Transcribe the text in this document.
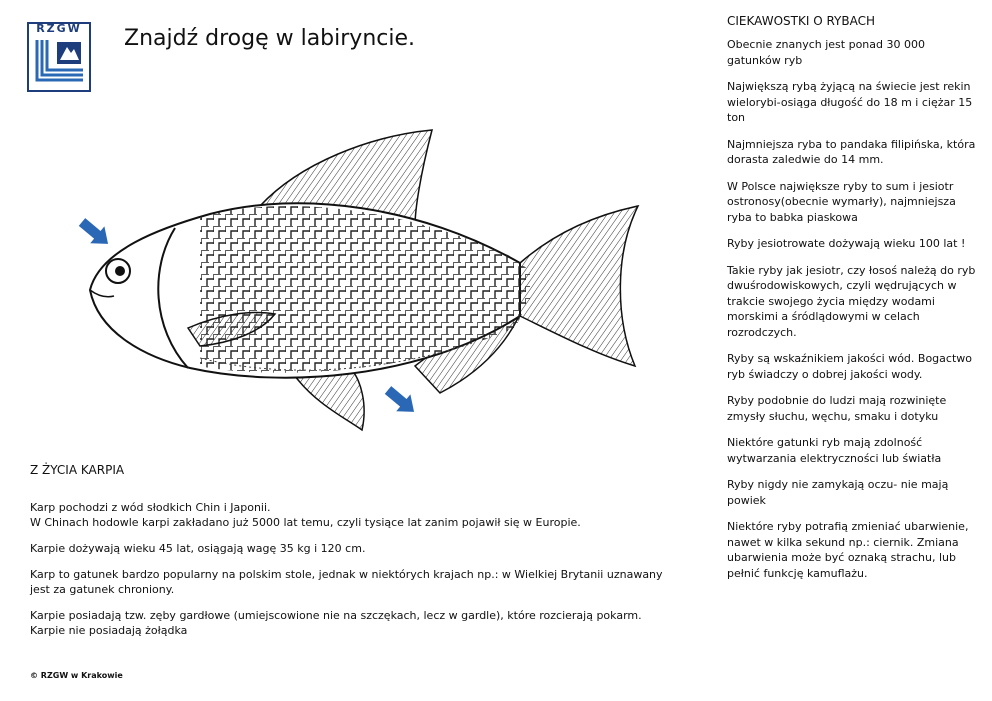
RZGW	Znajdź drogę w labiryncie.
Z ŻYCIA KARPIA
Karp pochodzi z wód słodkich Chin i Japonii.

W Chinach hodowle karpi zakładano już 5000 lat temu, czyli tysiące lat zanim pojawił się w Europie.

Karpie dożywają wieku 45 lat, osiągają wagę 35 kg i 120 cm.

Karp to gatunek bardzo popularny na polskim stole, jednak w niektórych krajach np.: w Wielkiej Brytanii uznawany jest za gatunek chroniony.

Karpie posiadają tzw. zęby gardłowe (umiejscowione nie na szczękach, lecz w gardle), które rozcierają pokarm.
Karpie nie posiadają żołądka
© RZGW w Krakowie
CIEKAWOSTKI O RYBACH

Obecnie znanych jest ponad 30 000 gatunków ryb

Największą rybą żyjącą na świecie jest rekin wielorybi-osiąga długość do 18 m i ciężar 15 ton

Najmniejsza ryba to pandaka filipińska, która dorasta zaledwie do 14 mm.

W Polsce największe ryby to sum i jesiotr ostronosy(obecnie wymarły), najmniejsza ryba to babka piaskowa

Ryby jesiotrowate dożywają wieku 100 lat !

Takie ryby jak jesiotr, czy łosoś należą do ryb dwuśrodowiskowych, czyli wędrujących w trakcie swojego życia między wodami morskimi a śródlądowymi w celach rozrodczych.

Ryby są wskaźnikiem jakości wód. Bogactwo ryb świadczy o dobrej jakości wody.

Ryby podobnie do ludzi mają rozwinięte zmysły słuchu, węchu, smaku i dotyku

Niektóre gatunki ryb mają zdolność wytwarzania elektryczności lub światła

Ryby nigdy nie zamykają oczu- nie mają powiek

Niektóre ryby potrafią zmieniać ubarwienie, nawet w kilka sekund np.: ciernik. Zmiana ubarwienia może być oznaką strachu, lub pełnić funkcję kamuflażu.
